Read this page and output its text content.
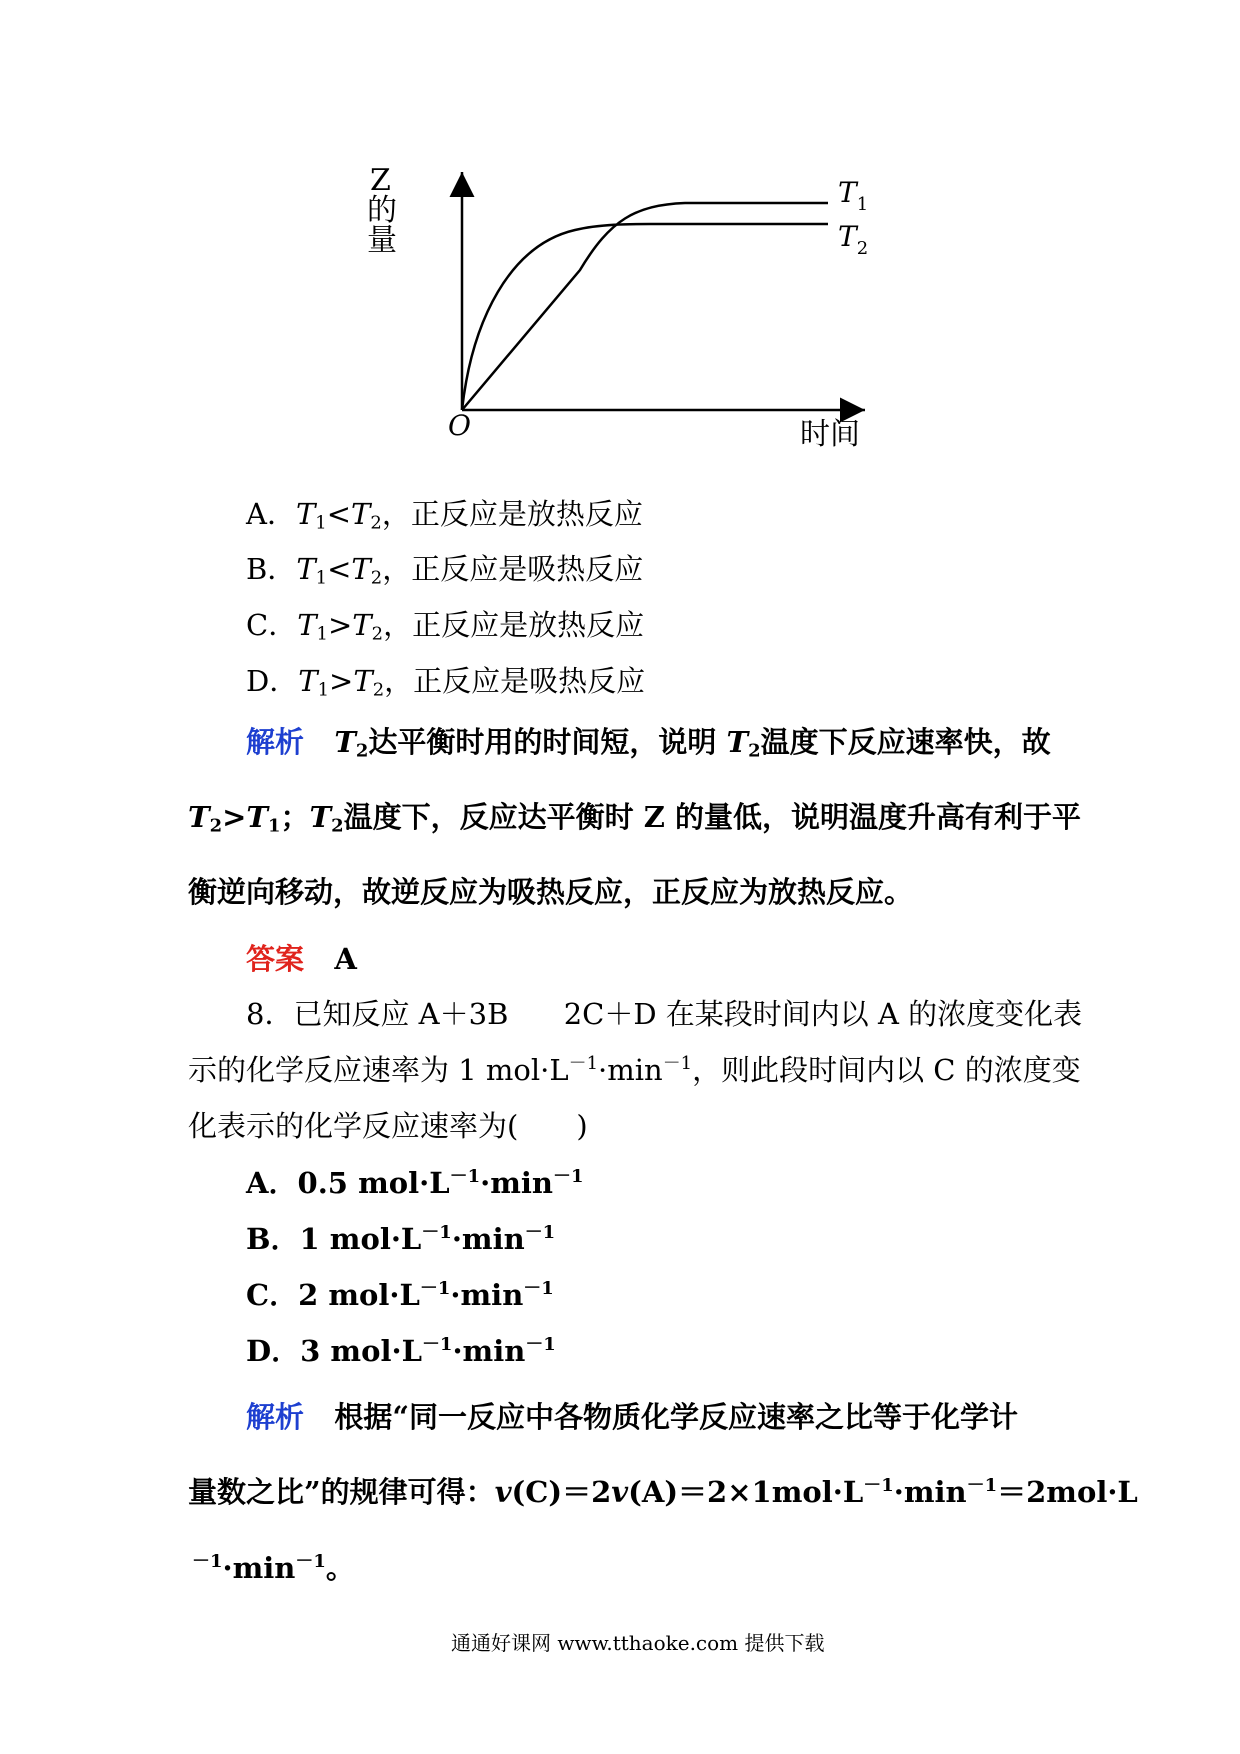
Z
的
量
O	时间
$T_1$
$T_2$
A．$T_1<T_2$，正反应是放热反应
B．$T_1<T_2$，正反应是吸热反应
C．$T_1>T_2$，正反应是放热反应
D．$T_1>T_2$，正反应是吸热反应
解析 $T_2$达平衡时用的时间短，说明 $T_2$温度下反应速率快，故
$T_2>T_1$；$T_2$温度下，反应达平衡时 Z 的量低，说明温度升高有利于平
衡逆向移动，故逆反应为吸热反应，正反应为放热反应。
答案 A
8．已知反应 A＋3B 2C＋D 在某段时间内以 A 的浓度变化表
示的化学反应速率为 1 $mol\cdot L^{-1}\cdot\min^{-1}$，则此段时间内以 C 的浓度变
化表示的化学反应速率为(　　)
A．0.5 $mol\cdot L^{-1}\cdot\min^{-1}$
B．1 $mol\cdot L^{-1}\cdot\min^{-1}$
C．2 $mol\cdot L^{-1}\cdot\min^{-1}$
D．3 $mol\cdot L^{-1}\cdot\min^{-1}$
解析 根据“同一反应中各物质化学反应速率之比等于化学计
量数之比”的规律可得：$v(C)=2v(A)=2\times 1mol\cdot L^{-1}\cdot\min^{-1}=2mol\cdot L$
$^{-1}\cdot\min^{-1}$。
通通好课网 www.tthaoke.com 提供下载
